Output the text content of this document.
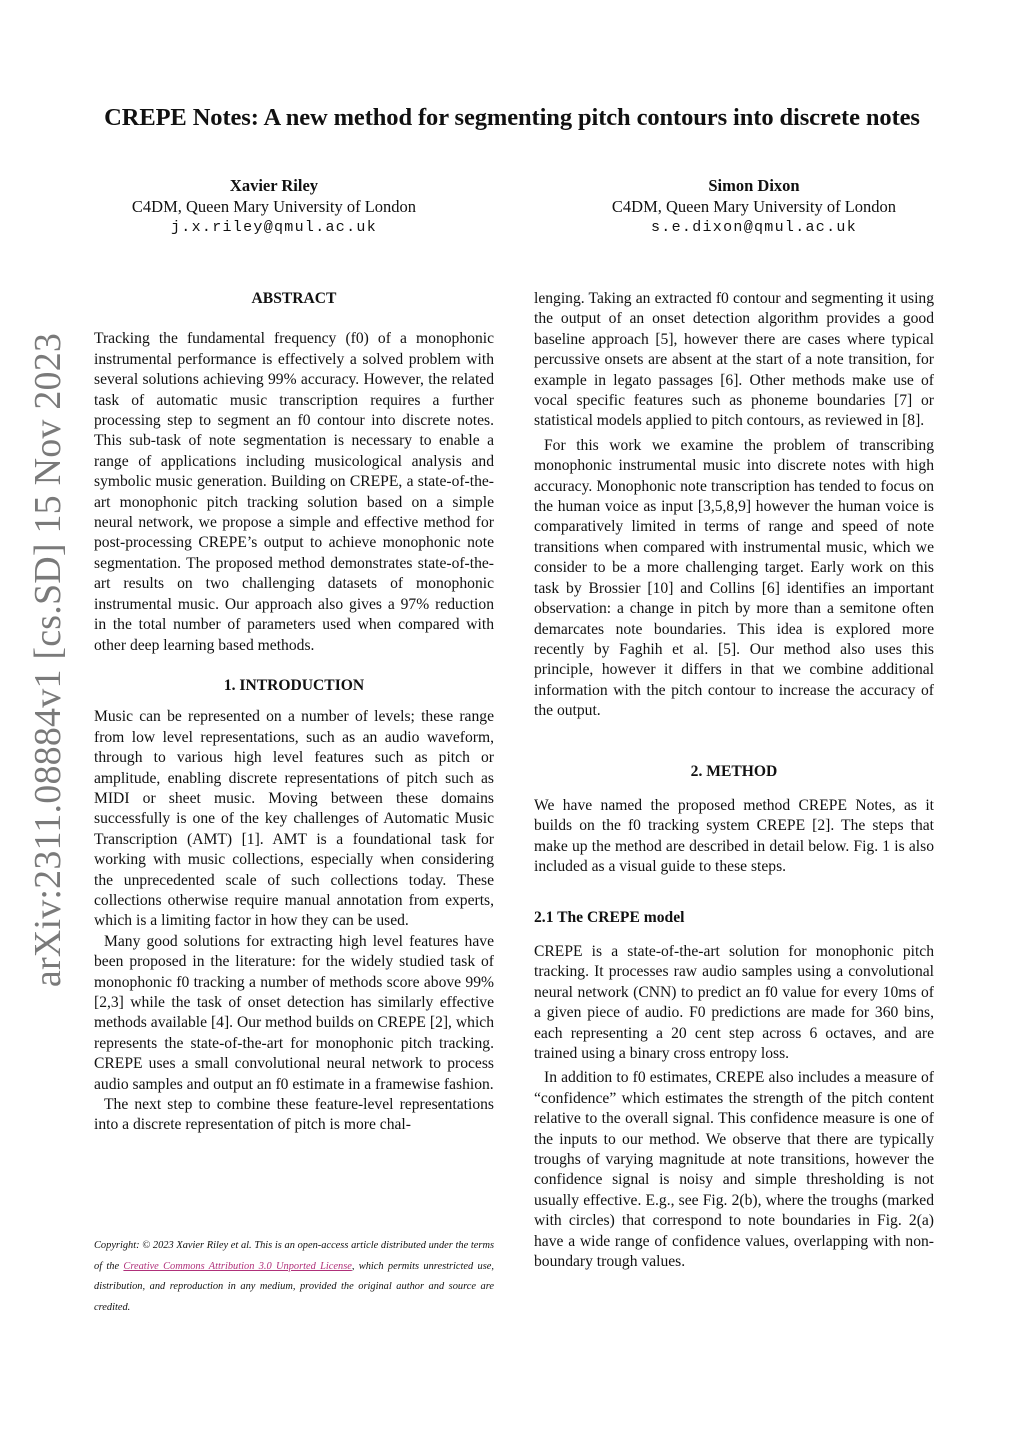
CREPE Notes: A new method for segmenting pitch contours into discrete notes
Xavier Riley
C4DM, Queen Mary University of London
j.x.riley@qmul.ac.uk
Simon Dixon
C4DM, Queen Mary University of London
s.e.dixon@qmul.ac.uk
arXiv:2311.08884v1 [cs.SD] 15 Nov 2023
ABSTRACT

Tracking the fundamental frequency (f0) of a monophonic instrumental performance is effectively a solved problem with several solutions achieving 99% accuracy. However, the related task of automatic music transcription requires a further processing step to segment an f0 contour into discrete notes. This sub-task of note segmentation is necessary to enable a range of applications including musicological analysis and symbolic music generation. Building on CREPE, a state-of-the-art monophonic pitch tracking solution based on a simple neural network, we propose a simple and effective method for post-processing CREPE’s output to achieve monophonic note segmentation. The proposed method demonstrates state-of-the-art results on two challenging datasets of monophonic instrumental music. Our approach also gives a 97% reduction in the total number of parameters used when compared with other deep learning based methods.

1. INTRODUCTION

Music can be represented on a number of levels; these range from low level representations, such as an audio waveform, through to various high level features such as pitch or amplitude, enabling discrete representations of pitch such as MIDI or sheet music. Moving between these domains successfully is one of the key challenges of Automatic Music Transcription (AMT) [1]. AMT is a foundational task for working with music collections, especially when considering the unprecedented scale of such collections today. These collections otherwise require manual annotation from experts, which is a limiting factor in how they can be used.

Many good solutions for extracting high level features have been proposed in the literature: for the widely studied task of monophonic f0 tracking a number of methods score above 99% [2,3] while the task of onset detection has similarly effective methods available [4]. Our method builds on CREPE [2], which represents the state-of-the-art for monophonic pitch tracking. CREPE uses a small convolutional neural network to process audio samples and output an f0 estimate in a framewise fashion.

The next step to combine these feature-level representations into a discrete representation of pitch is more chal-

Copyright: © 2023 Xavier Riley et al. This is an open-access article distributed under the terms of the Creative Commons Attribution 3.0 Unported License, which permits unrestricted use, distribution, and reproduction in any medium, provided the original author and source are credited.

lenging. Taking an extracted f0 contour and segmenting it using the output of an onset detection algorithm provides a good baseline approach [5], however there are cases where typical percussive onsets are absent at the start of a note transition, for example in legato passages [6]. Other methods make use of vocal specific features such as phoneme boundaries [7] or statistical models applied to pitch contours, as reviewed in [8].

For this work we examine the problem of transcribing monophonic instrumental music into discrete notes with high accuracy. Monophonic note transcription has tended to focus on the human voice as input [3,5,8,9] however the human voice is comparatively limited in terms of range and speed of note transitions when compared with instrumental music, which we consider to be a more challenging target. Early work on this task by Brossier [10] and Collins [6] identifies an important observation: a change in pitch by more than a semitone often demarcates note boundaries. This idea is explored more recently by Faghih et al. [5]. Our method also uses this principle, however it differs in that we combine additional information with the pitch contour to increase the accuracy of the output.

2. METHOD

We have named the proposed method CREPE Notes, as it builds on the f0 tracking system CREPE [2]. The steps that make up the method are described in detail below. Fig. 1 is also included as a visual guide to these steps.

2.1 The CREPE model

CREPE is a state-of-the-art solution for monophonic pitch tracking. It processes raw audio samples using a convolutional neural network (CNN) to predict an f0 value for every 10ms of a given piece of audio. F0 predictions are made for 360 bins, each representing a 20 cent step across 6 octaves, and are trained using a binary cross entropy loss.

In addition to f0 estimates, CREPE also includes a measure of “confidence” which estimates the strength of the pitch content relative to the overall signal. This confidence measure is one of the inputs to our method. We observe that there are typically troughs of varying magnitude at note transitions, however the confidence signal is noisy and simple thresholding is not usually effective. E.g., see Fig. 2(b), where the troughs (marked with circles) that correspond to note boundaries in Fig. 2(a) have a wide range of confidence values, overlapping with non-boundary trough values.
